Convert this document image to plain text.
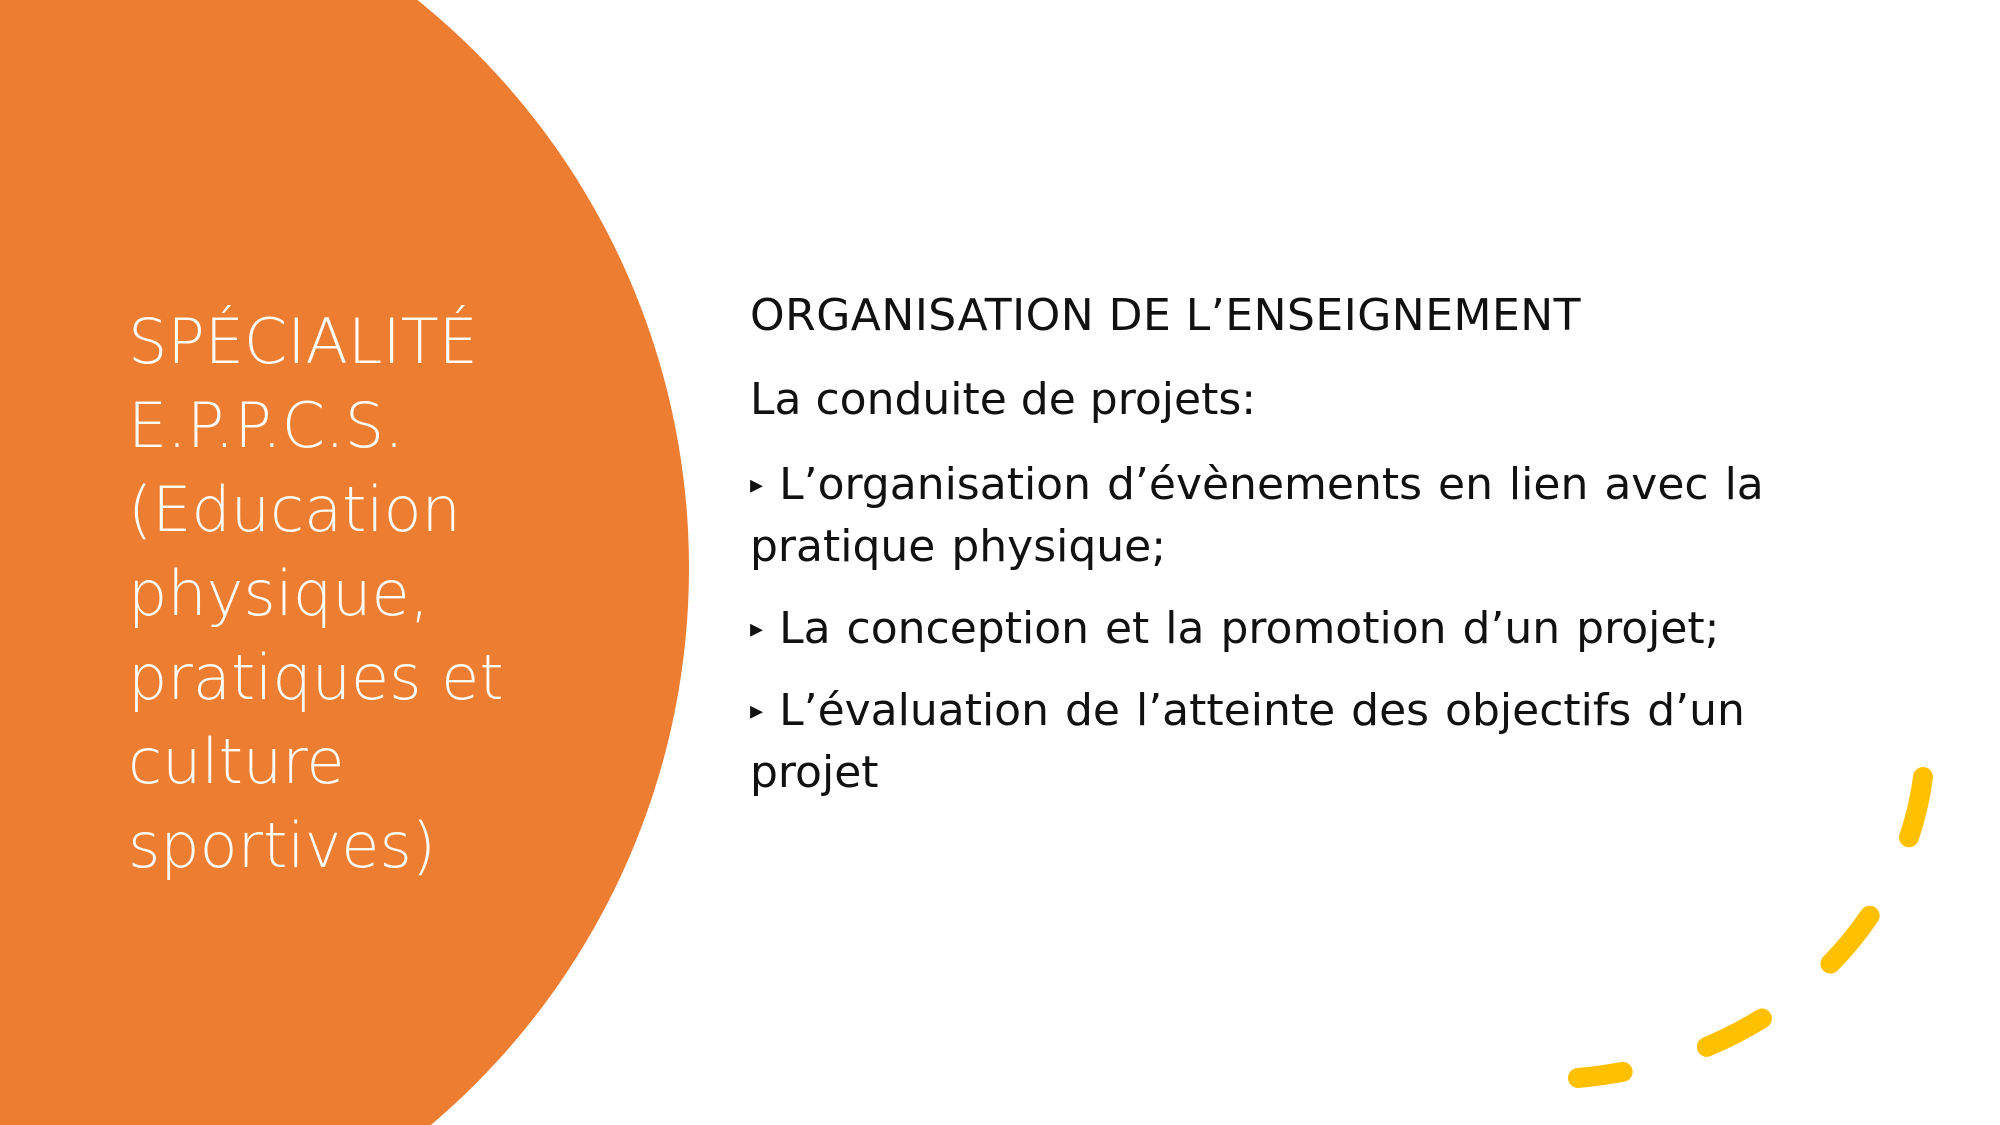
SPÉCIALITÉ
E.P.P.C.S.
(Education
physique,
pratiques et
culture
sportives)
ORGANISATION DE L’ENSEIGNEMENT
La conduite de projets:
▸ L’organisation d’évènements en lien avec la pratique physique;
▸ La conception et la promotion d’un projet;
▸ L’évaluation de l’atteinte des objectifs d’un projet
